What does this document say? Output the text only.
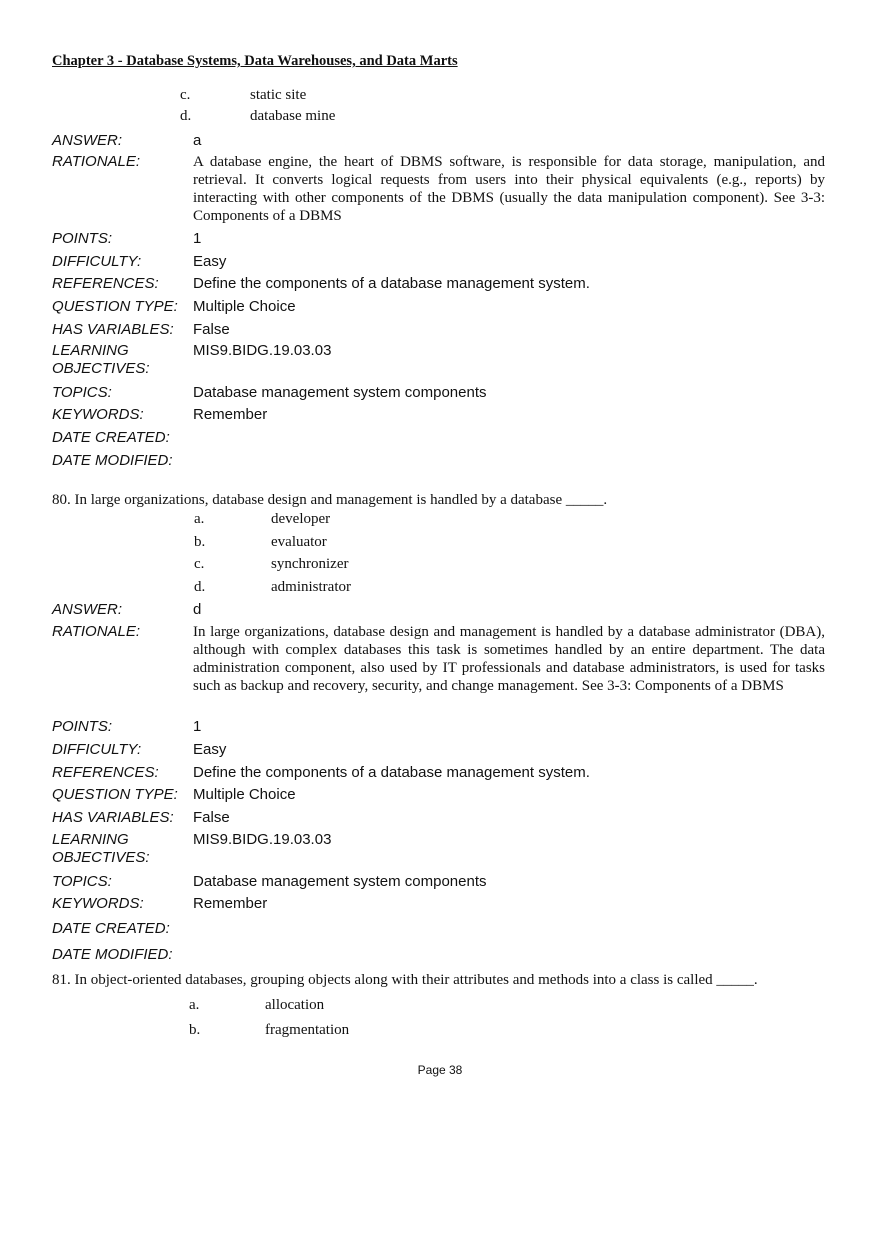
Chapter 3 - Database Systems, Data Warehouses, and Data Marts
c.	static site
d.	database mine
ANSWER:	a
RATIONALE:	A database engine, the heart of DBMS software, is responsible for data storage, manipulation, and retrieval. It converts logical requests from users into their physical equivalents (e.g., reports) by interacting with other components of the DBMS (usually the data manipulation component). See 3-3: Components of a DBMS
POINTS:	1
DIFFICULTY:	Easy
REFERENCES: Define the components of a database management system.
QUESTION TYPE: Multiple Choice
HAS VARIABLES: False
LEARNING OBJECTIVES:
MIS9.BIDG.19.03.03
TOPICS:	Database management system components
KEYWORDS:	Remember
DATE CREATED:
DATE MODIFIED:
80. In large organizations, database design and management is handled by a database _____.
a.	developer
b.	evaluator
c.	synchronizer
d.	administrator
ANSWER:	d
RATIONALE:	In large organizations, database design and management is handled by a database administrator (DBA), although with complex databases this task is sometimes handled by an entire department. The data administration component, also used by IT professionals and database administrators, is used for tasks such as backup and recovery, security, and change management. See 3-3: Components of a DBMS
POINTS:	1
DIFFICULTY:	Easy
REFERENCES: Define the components of a database management system.
QUESTION TYPE: Multiple Choice
HAS VARIABLES: False
LEARNING OBJECTIVES:
MIS9.BIDG.19.03.03
TOPICS:	Database management system components
KEYWORDS:	Remember
DATE CREATED:
DATE MODIFIED:
81. In object-oriented databases, grouping objects along with their attributes and methods into a class is called _____.
a.	allocation
b.	fragmentation
Page 38
